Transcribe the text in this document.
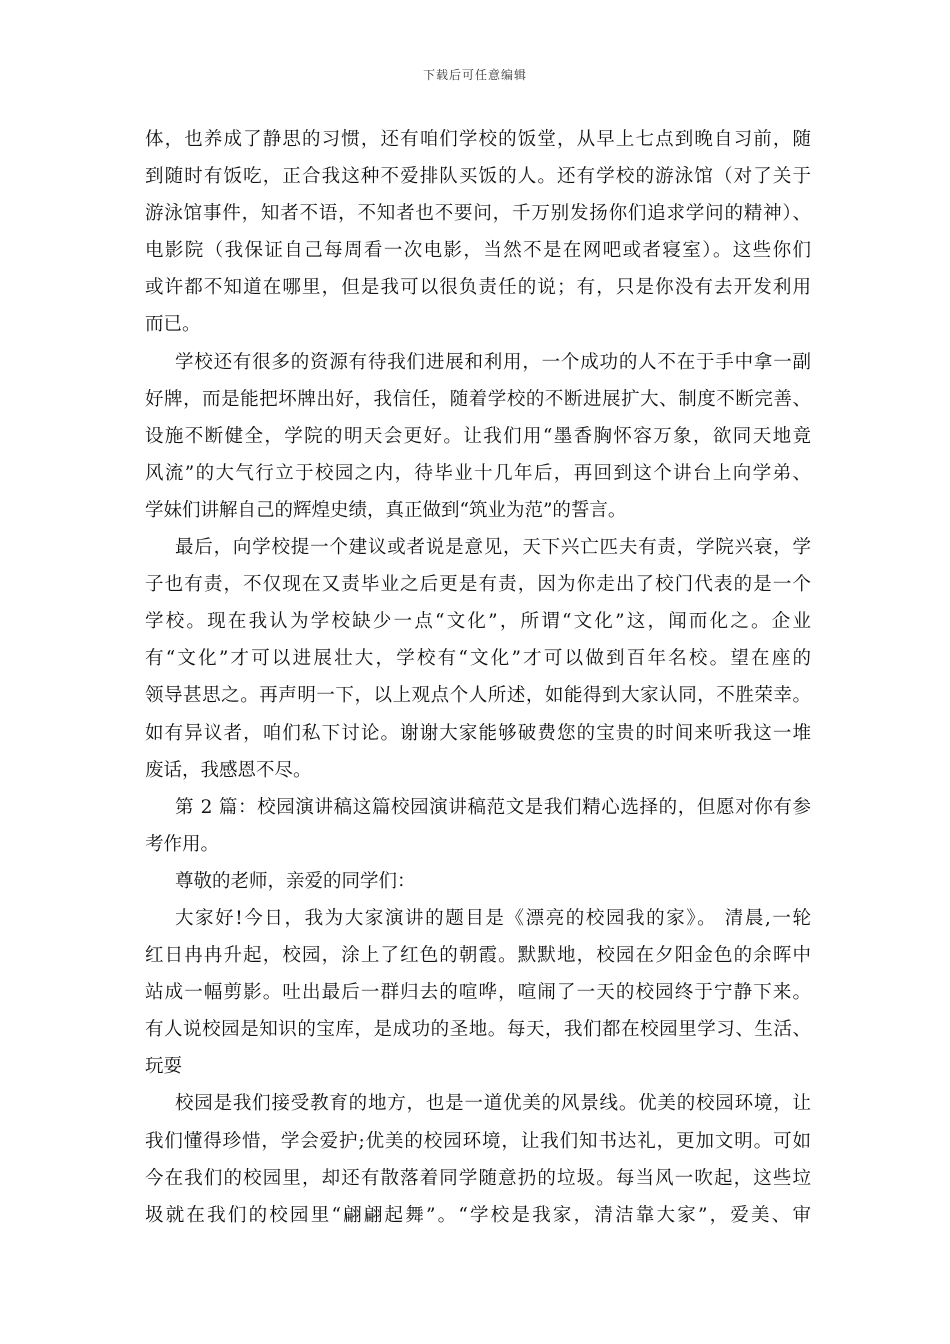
下载后可任意编辑
体，也养成了静思的习惯，还有咱们学校的饭堂，从早上七点到晚自习前，随
到随时有饭吃，正合我这种不爱排队买饭的人。还有学校的游泳馆（对了关于
游泳馆事件，知者不语，不知者也不要问，千万别发扬你们追求学问的精神）、
电影院（我保证自己每周看一次电影，当然不是在网吧或者寝室）。这些你们
或许都不知道在哪里，但是我可以很负责任的说；有，只是你没有去开发利用
而已。
学校还有很多的资源有待我们进展和利用，一个成功的人不在于手中拿一副
好牌，而是能把坏牌出好，我信任，随着学校的不断进展扩大、制度不断完善、
设施不断健全，学院的明天会更好。让我们用“墨香胸怀容万象，欲同天地竟
风流”的大气行立于校园之内，待毕业十几年后，再回到这个讲台上向学弟、
学妹们讲解自己的辉煌史绩，真正做到“筑业为范”的誓言。
最后，向学校提一个建议或者说是意见，天下兴亡匹夫有责，学院兴衰，学
子也有责，不仅现在又责毕业之后更是有责，因为你走出了校门代表的是一个
学校。现在我认为学校缺少一点“文化”，所谓“文化”这，闻而化之。企业
有“文化”才可以进展壮大，学校有“文化”才可以做到百年名校。望在座的
领导甚思之。再声明一下，以上观点个人所述，如能得到大家认同，不胜荣幸。
如有异议者，咱们私下讨论。谢谢大家能够破费您的宝贵的时间来听我这一堆
废话，我感恩不尽。
第 2 篇：校园演讲稿这篇校园演讲稿范文是我们精心选择的，但愿对你有参
考作用。
尊敬的老师，亲爱的同学们：
大家好!今日，我为大家演讲的题目是《漂亮的校园我的家》。 清晨,一轮
红日冉冉升起，校园，涂上了红色的朝霞。默默地，校园在夕阳金色的余晖中
站成一幅剪影。吐出最后一群归去的喧哗，喧闹了一天的校园终于宁静下来。
有人说校园是知识的宝库，是成功的圣地。每天，我们都在校园里学习、生活、
玩耍
校园是我们接受教育的地方，也是一道优美的风景线。优美的校园环境，让
我们懂得珍惜，学会爱护;优美的校园环境，让我们知书达礼，更加文明。可如
今在我们的校园里，却还有散落着同学随意扔的垃圾。每当风一吹起，这些垃
圾就在我们的校园里“翩翩起舞”。“学校是我家，清洁靠大家”，爱美、审
